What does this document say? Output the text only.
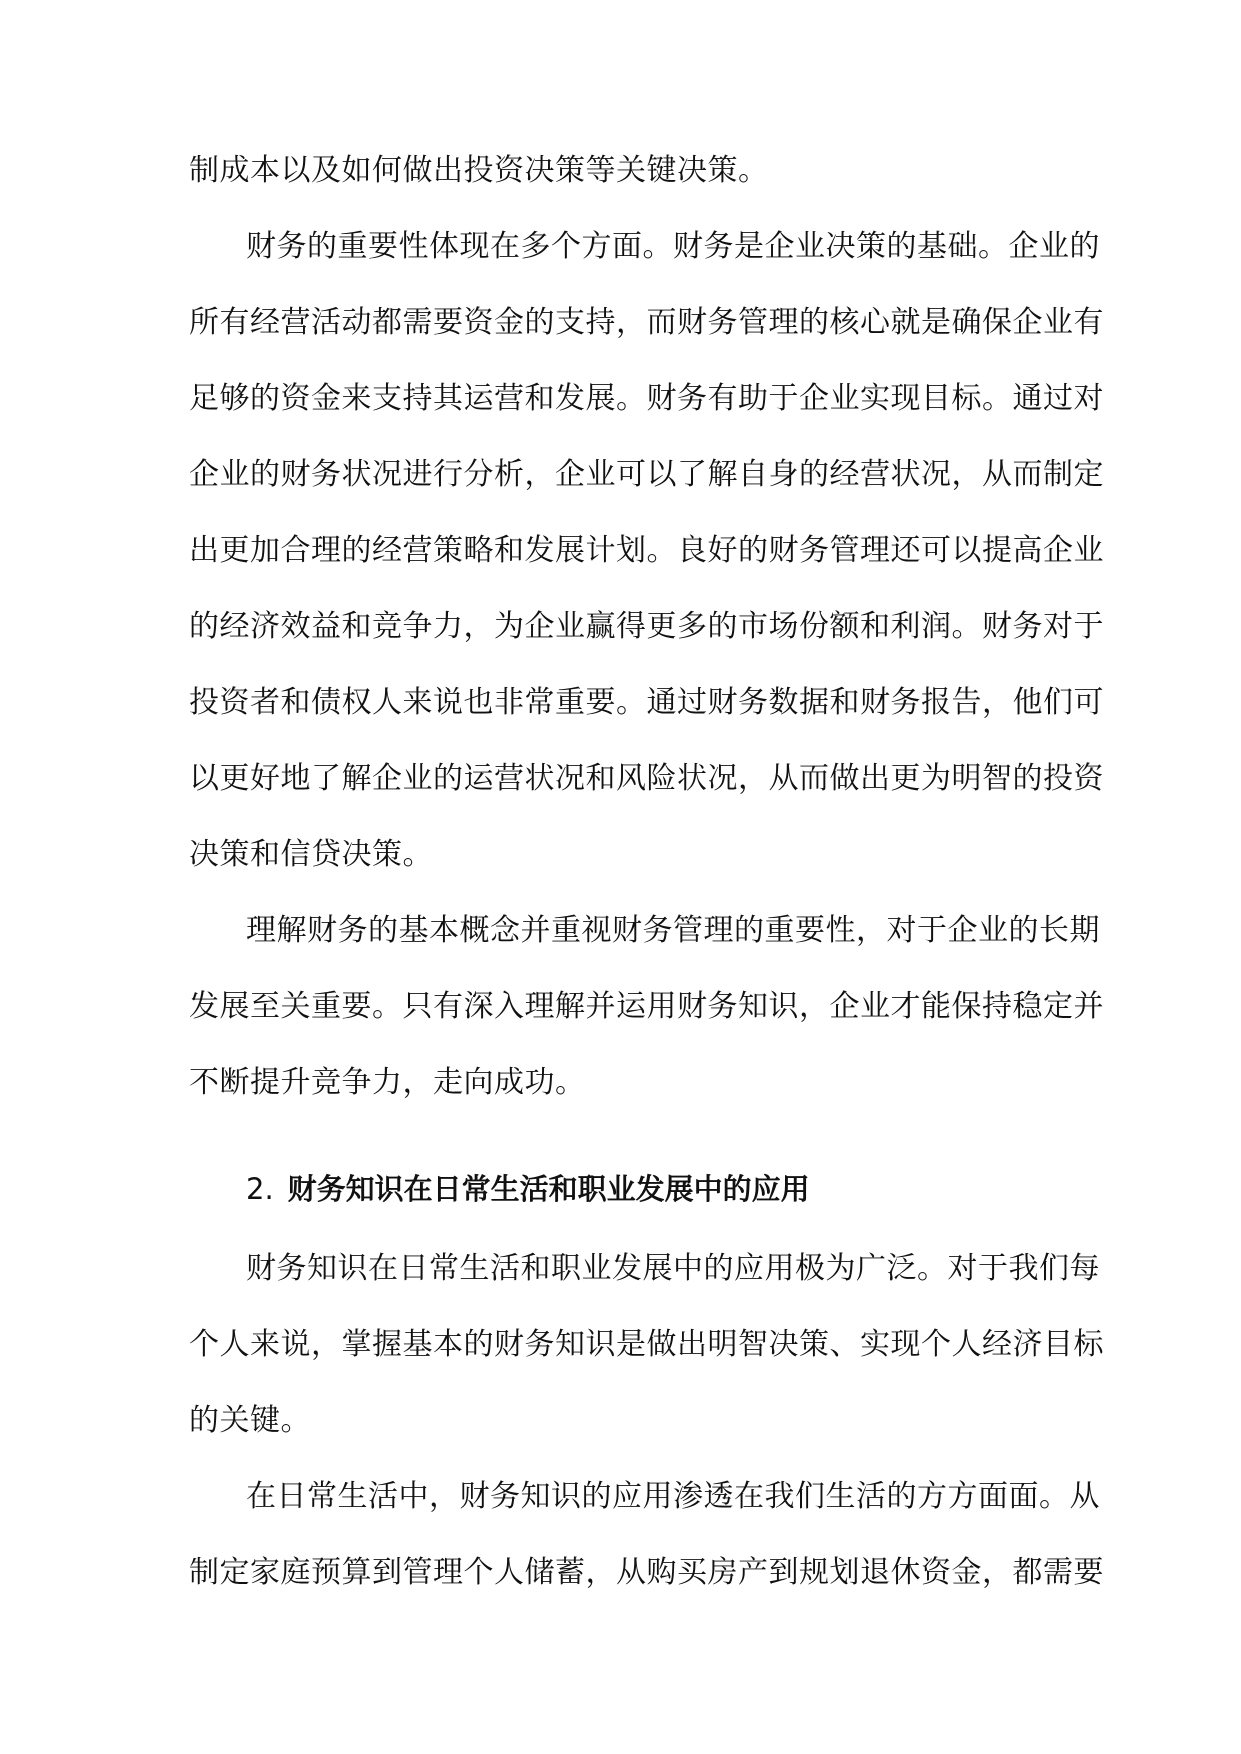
制成本以及如何做出投资决策等关键决策。
财务的重要性体现在多个方面。财务是企业决策的基础。企业的
所有经营活动都需要资金的支持，而财务管理的核心就是确保企业有
足够的资金来支持其运营和发展。财务有助于企业实现目标。通过对
企业的财务状况进行分析，企业可以了解自身的经营状况，从而制定
出更加合理的经营策略和发展计划。良好的财务管理还可以提高企业
的经济效益和竞争力，为企业赢得更多的市场份额和利润。财务对于
投资者和债权人来说也非常重要。通过财务数据和财务报告，他们可
以更好地了解企业的运营状况和风险状况，从而做出更为明智的投资
决策和信贷决策。
理解财务的基本概念并重视财务管理的重要性，对于企业的长期
发展至关重要。只有深入理解并运用财务知识，企业才能保持稳定并
不断提升竞争力，走向成功。
2. 财务知识在日常生活和职业发展中的应用
财务知识在日常生活和职业发展中的应用极为广泛。对于我们每
个人来说，掌握基本的财务知识是做出明智决策、实现个人经济目标
的关键。
在日常生活中，财务知识的应用渗透在我们生活的方方面面。从
制定家庭预算到管理个人储蓄，从购买房产到规划退休资金，都需要
